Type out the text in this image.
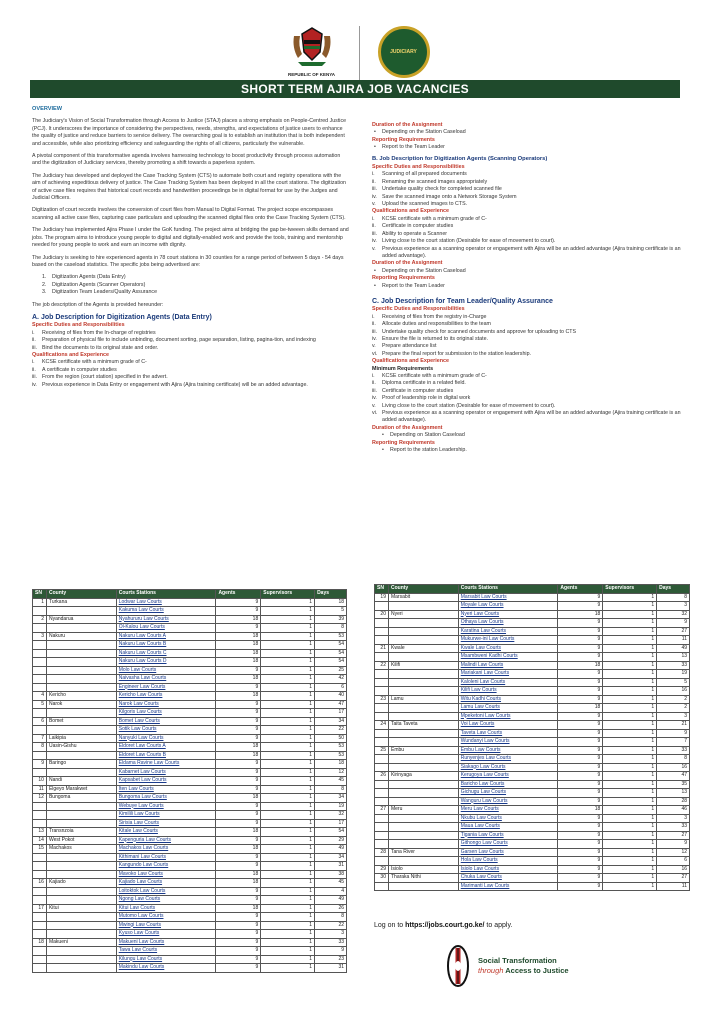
REPUBLIC OF KENYA
JUDICIARY
SHORT TERM AJIRA JOB VACANCIES
OVERVIEW

The Judiciary's Vision of Social Transformation through Access to Justice (STAJ) places a strong emphasis on People-Centred Justice (PCJ). It underscores the importance of considering the perspectives, needs, strengths, and expectations of justice users to enhance the quality of justice and reduce barriers to service delivery. The overarching goal is to establish an institution that is both independent and accessible, while also prioritizing efficiency and safeguarding the rights of all citizens, particularly the vulnerable.

A pivotal component of this transformative agenda involves harnessing technology to boost productivity through process automation and the digitization of Judiciary services, thereby promoting a shift towards a paperless system.

The Judiciary has developed and deployed the Case Tracking System (CTS) to automate both court and registry operations with the aim of achieving expeditious delivery of justice. The Case Tracking System has been deployed in all the court stations. The digitization of active case files requires that historical court records and handwritten proceedings be in digital format for use by the Judges and Judicial Officers.

Digitization of court records involves the conversion of court files from Manual to Digital Format. The project scope encompasses scanning all active case files, capturing case particulars and uploading the scanned digital files onto the Case Tracking System (CTS).

The Judiciary has implemented Ajira Phase I under the GoK funding. The project aims at bridging the gap be-tweeen skills demand and jobs. The program aims to introduce young people to digital and digitally-enabled work and provide the tools, training and mentorship needed for young people to work and earn an income with dignity.

The Judiciary is seeking to hire experienced agents in 78 court stations in 30 counties for a range period of between 5 days - 54 days based on the caseload statistics. The specific jobs being advertised are:

1. Digitization Agents (Data Entry)
2. Digitization Agents (Scanner Operators)
3. Digitization Team Leaders/Quality Assurance

The job description of the Agents is provided hereunder:

A. Job Description for Digitization Agents (Data Entry)
Specific Duties and Responsibilities
i. Receiving of files from the In-charge of registries
ii. Preparation of physical file to include unbinding, document sorting, page separation, listing, pagina-tion, and indexing
iii. Bind the documents to its original state and order.
Qualifications and Experience
i. KCSE certificate with a minimum grade of C-
ii. A certificate in computer studies
iii. From the region (court station) specified in the advert.
iv. Previous experience in Data Entry or engagement with Ajira (Ajira training certificate) will be an added advantage.
Duration of the Assignment
• Depending on the Station Caseload
Reporting Requirements
• Report to the Team Leader
B. Job Description for Digitization Agents (Scanning Operators)
Specific Duties and Responsibilities
i. Scanning of all prepared documents
ii. Renaming the scanned images appropriately
iii. Undertake quality check for completed scanned file
iv. Save the scanned image onto a Network Storage System
v. Upload the scanned images to CTS.
Qualifications and Experience
i. KCSE certificate with a minimum grade of C-
ii. Certificate in computer studies
iii. Ability to operate a Scanner
iv. Living close to the court station (Desirable for ease of movement to court).
v. Previous experience as a scanning operator or engagement with Ajira will be an added advantage (Ajira training certificate is an added advantage).
Duration of the Assignment
• Depending on the Station Caseload
Reporting Requirements
• Report to the Team Leader
C. Job Description for Team Leader/Quality Assurance
Specific Duties and Responsibilities
i. Receiving of files from the registry in-Charge
ii. Allocate duties and responsibilities to the team
iii. Undertake quality check for scanned documents and approve for uploading to CTS
iv. Ensure the file is returned to its original state.
v. Prepare attendance list
vi. Prepare the final report for submission to the station leadership.
Qualifications and Experience
Minimum Requirements
i. KCSE certificate with a minimum grade of C-
ii. Diploma certificate in a related field.
iii. Certificate in computer studies
iv. Proof of leadership role in digital work
v. Living close to the court station (Desirable for ease of movement to court).
vi. Previous experience as a scanning operator or engagement with Ajira will be an added advantage (Ajira training certificate is an added advantage).
Duration of the Assignment
• Depending on Station Caseload
Reporting Requirements
• Report to the station Leadership.
SN	County	Courts Stations	Agents	Supervisors	Days
1	Turkana	Lodwar Law Courts	9	1	18
		Kakuma Law Courts	9	1	5
2	Nyandarua	Nyahururu Law Courts	18	1	39
		Ol-Kalou Law Courts	9	1	8
3	Nakuru	Nakuru Law Courts A	18	1	53
		Nakuru Law Courts B	18	1	54
		Nakuru Law Courts C	18	1	54
		Nakuru Law Courts D	18	1	54
		Molo Law Courts	9	1	25
		Naivasha Law Courts	18	1	42
		Engineer Law Courts	9	1	6
4	Kericho	Kericho Law Courts	18	1	40
5	Narok	Narok Law Courts	9	1	47
		Kilgoris Law Courts	9	1	17
6	Bomet	Bomet Law Courts	9	1	34
		Sotik Law Courts	9	1	22
7	Laikipia	Nanyuki Law Courts	9	1	50
8	Uasin-Gishu	Eldoret Law Courts A	18	1	53
		Eldoret Law Courts B	18	1	53
9	Baringo	Eldama Ravine Law Courts	9	1	18
		Kabarnet Law Courts	9	1	12
10	Nandi	Kapsabet Law Courts	9	1	45
11	Elgeyo Marakwet	Iten Law Courts	9	1	8
12	Bungoma	Bungoma Law Courts	18	1	34
		Webuye Law Courts	9	1	19
		Kimilili Law Courts	9	1	32
		Sirisia Law Courts	9	1	17
13	Transnzoia	Kitale Law Courts	18	1	54
14	West Pokot	Kapenguria Law Courts	9	1	29
15	Machakos	Machakos Law Courts	18	1	49
		Kithimani Law Courts	9	1	34
		Kangundo Law Courts	9	1	31
		Mavoko Law Courts	18	1	38
16	Kajiado	Kajiado Law Courts	18	1	45
		Loitoktok Law Courts	9	1	4
		Ngong Law Courts	9	1	49
17	Kitui	Kitui Law Courts	18	1	26
		Mutomo Law Courts	9	1	8
		Mwingi Law Courts	9	1	22
		Kyuso Law Courts	9	1	3
18	Makueni	Makueni Law Courts	9	1	33
		Tawa Law Courts	9	1	9
		Kilungu Law Courts	9	1	23
		Makindu Law Courts	9	1	31
SN	County	Courts Stations	Agents	Supervisors	Days
19	Marsabit	Marsabit Law Courts	9	1	8
		Moyale Law Courts	9	1	3
20	Nyeri	Nyeri Law Courts	18	1	32
		Othaya Law Courts	9	1	9
		Karatina Law Courts	9	1	27
		Mukurwe-ini Law Courts	9	1	11
21	Kwale	Kwale Law Courts	9	1	49
		Msambweni Kadhi Courts	9	1	13
22	Kilifi	Malindi Law Courts	18	1	33
		Mariakani Law Courts	9	1	19
		Kaloleni Law Courts	9	1	5
		Kilifi Law Courts	9	1	16
23	Lamu	Witu Kadhi Courts	9	1	2
		Lamu Law Courts	18	1	2
		Mpeketoni Law Courts	9	1	3
24	Taita Taveta	Voi Law Courts	9	1	21
		Taveta Law Courts	9	1	9
		Wundanyi Law Courts	9	1	7
25	Embu	Embu Law Courts	9	1	33
		Runyenjes Law Courts	9	1	8
		Siakago Law Courts	9	1	16
26	Kirinyaga	Kerugoya Law Courts	9	1	47
		Baricho Law Courts	9	1	35
		Gichugu Law Courts	9	1	13
		Wanguru Law Courts	9	1	28
27	Meru	Meru Law Courts	18	1	46
		Nkubu Law Courts	9	1	3
		Maua Law Courts	9	1	33
		Tigania Law Courts	9	1	27
		Githongo Law Courts	9	1	9
28	Tana River	Garsen Law Courts	9	1	12
		Hola Law Courts	9	1	6
29	Isiolo	Isiolo Law Courts	9	1	16
30	Tharaka Nithi	Chuka Law Courts	9	1	27
		Marimanti Law Courts	9	1	11
Log on to https://jobs.court.go.ke/ to apply.
Social Transformation
through Access to Justice
